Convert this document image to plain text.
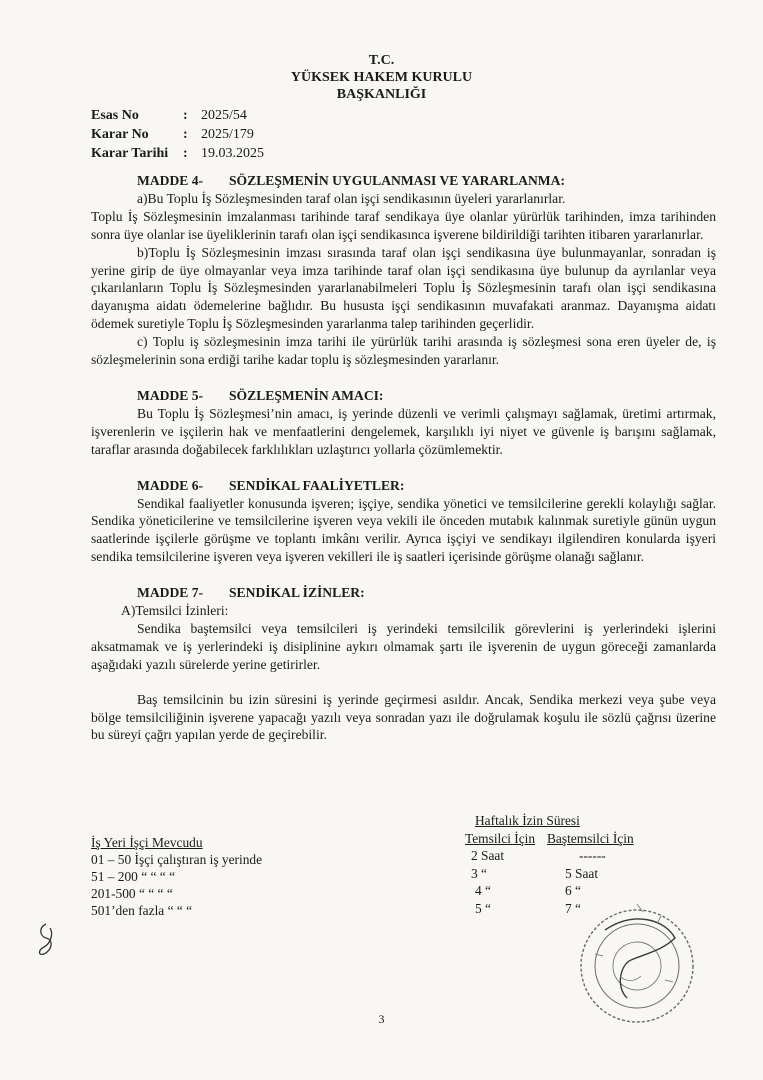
T.C.
YÜKSEK HAKEM KURULU
BAŞKANLIĞI
Esas No	: 2025/54
Karar No : 2025/179
Karar Tarihi : 19.03.2025
MADDE 4- SÖZLEŞMENİN UYGULANMASI VE YARARLANMA:
a)Bu Toplu İş Sözleşmesinden taraf olan işçi sendikasının üyeleri yararlanırlar.
Toplu İş Sözleşmesinin imzalanması tarihinde taraf sendikaya üye olanlar yürürlük tarihinden, imza tarihinden sonra üye olanlar ise üyeliklerinin tarafı olan işçi sendikasınca işverene bildirildiği tarihten itibaren yararlanırlar.
b)Toplu İş Sözleşmesinin imzası sırasında taraf olan işçi sendikasına üye bulunmayanlar, sonradan iş yerine girip de üye olmayanlar veya imza tarihinde taraf olan işçi sendikasına üye bulunup da ayrılanlar veya çıkarılanların Toplu İş Sözleşmesinden yararlanabilmeleri Toplu İş Sözleşmesinin tarafı olan işçi sendikasına dayanışma aidatı ödemelerine bağlıdır. Bu hususta işçi sendikasının muvafakati aranmaz. Dayanışma aidatı ödemek suretiyle Toplu İş Sözleşmesinden yararlanma talep tarihinden geçerlidir.
c) Toplu iş sözleşmesinin imza tarihi ile yürürlük tarihi arasında iş sözleşmesi sona eren üyeler de, iş sözleşmelerinin sona erdiği tarihe kadar toplu iş sözleşmesinden yararlanır.
MADDE 5- SÖZLEŞMENİN AMACI:
Bu Toplu İş Sözleşmesi’nin amacı, iş yerinde düzenli ve verimli çalışmayı sağlamak, üretimi artırmak, işverenlerin ve işçilerin hak ve menfaatlerini dengelemek, karşılıklı iyi niyet ve güvenle iş barışını sağlamak, taraflar arasında doğabilecek farklılıkları uzlaştırıcı yollarla çözümlemektir.
MADDE 6- SENDİKAL FAALİYETLER:
Sendikal faaliyetler konusunda işveren; işçiye, sendika yönetici ve temsilcilerine gerekli kolaylığı sağlar. Sendika yöneticilerine ve temsilcilerine işveren veya vekili ile önceden mutabık kalınmak suretiyle günün uygun saatlerinde işçilerle görüşme ve toplantı imkânı verilir. Ayrıca işçiyi ve sendikayı ilgilendiren konularda işyeri sendika temsilcilerine işveren veya işveren vekilleri ile iş saatleri içerisinde görüşme olanağı sağlanır.
MADDE 7- SENDİKAL İZİNLER:
A)Temsilci İzinleri:
Sendika baştemsilci veya temsilcileri iş yerindeki temsilcilik görevlerini iş yerlerindeki işlerini aksatmamak ve iş yerlerindeki iş disiplinine aykırı olmamak şartı ile işverenin de uygun göreceği zamanlarda aşağıdaki yazılı sürelerde yerine getirirler.
Baş temsilcinin bu izin süresini iş yerinde geçirmesi asıldır. Ancak, Sendika merkezi veya şube veya bölge temsilciliğinin işverene yapacağı yazılı veya sonradan yazı ile doğrulamak koşulu ile sözlü çağrısı üzerine bu süreyi çağrı yapılan yerde de geçirebilir.
Haftalık İzin Süresi
İş Yeri İşçi Mevcudu	Temsilci İçin Baştemsilci İçin
01 – 50 İşçi çalıştıran iş yerinde	2 Saat	------
51 – 200 “ “ “ “	3 “	5 Saat
201-500 “ “ “ “	4 “	6 “
501’den fazla “ “ “	5 “	7 “
3
